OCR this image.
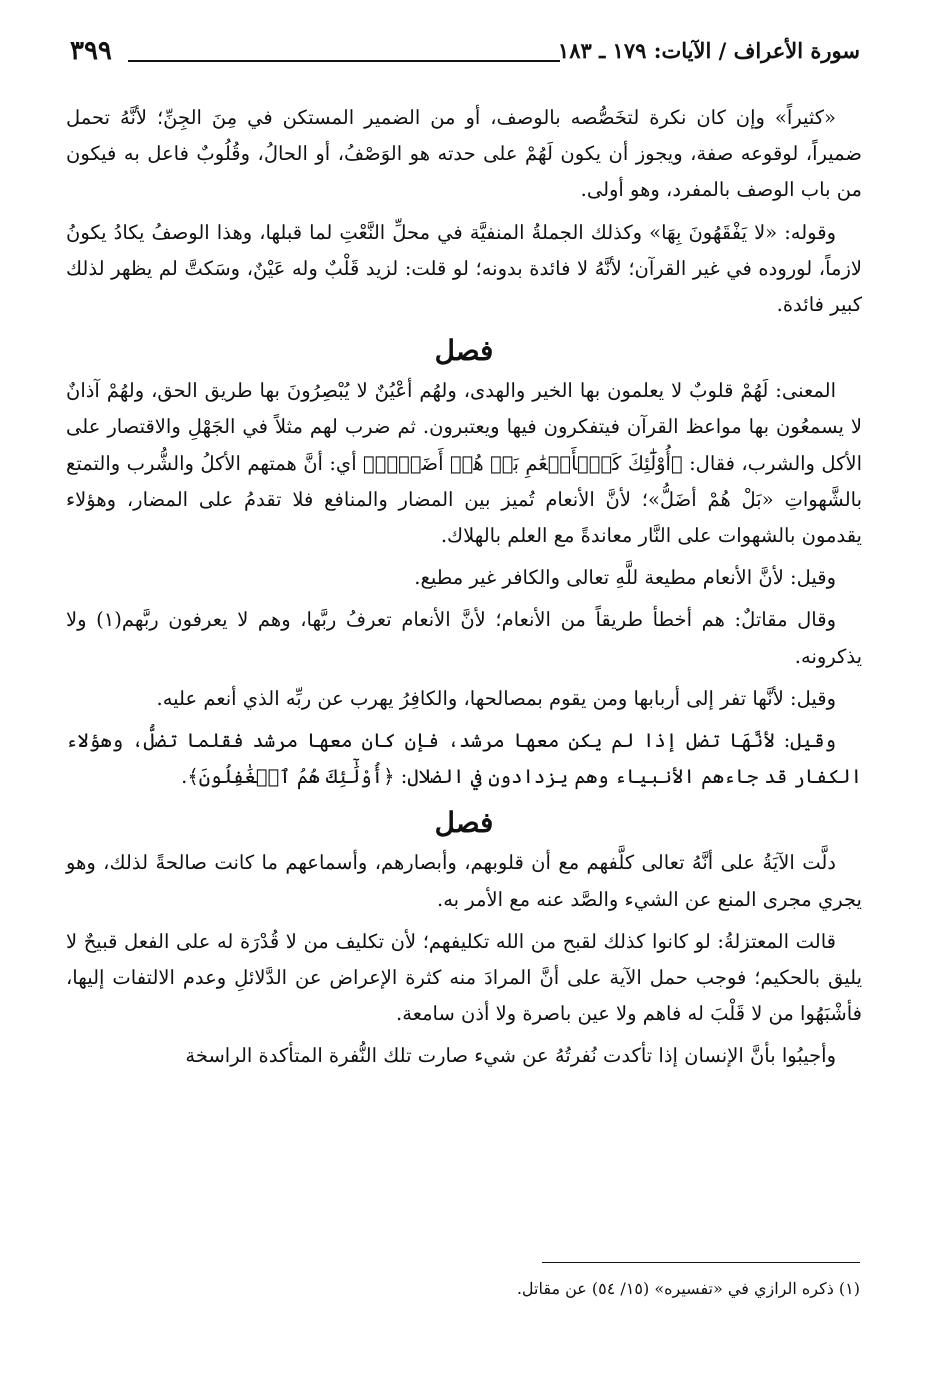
سورة الأعراف / الآيات: ١٧٩ ـ ١٨٣
٣٩٩

«كثيراً» وإن كان نكرة لتخَصُّصه بالوصف، أو من الضمير المستكن في مِنَ الجِنِّ؛ لأنَّهُ تحمل ضميراً، لوقوعه صفة، ويجوز أن يكون لَهُمْ على حدته هو الوَصْفُ، أو الحالُ، وقُلُوبٌ فاعل به فيكون من باب الوصف بالمفرد، وهو أولى.

وقوله: «لا يَفْقَهُونَ بِهَا» وكذلك الجملةُ المنفيَّة في محلِّ النَّعْتِ لما قبلها، وهذا الوصفُ يكادُ يكونُ لازماً، لوروده في غير القرآن؛ لأنَّهُ لا فائدة بدونه؛ لو قلت: لزيد قَلْبٌ وله عَيْنٌ، وسَكتَّ لم يظهر لذلك كبير فائدة.

فصل

المعنى: لَهُمْ قلوبٌ لا يعلمون بها الخير والهدى، ولهُم أعْيُنٌ لا يُبْصِرُونَ بها طريق الحق، ولهُمْ آذانٌ لا يسمعُون بها مواعظ القرآن فيتفكرون فيها ويعتبرون. ثم ضرب لهم مثلاً في الجَهْلِ والاقتصار على الأكل والشرب، فقال: ﴿أُوْلَٰٓئِكَ كَٱلۡأَنۡعَٰمِ بَلۡ هُمۡ أَضَلُّۚ﴾ أي: أنَّ همتهم الأكلُ والشُّرب والتمتع بالشَّهواتِ «بَلْ هُمْ أضَلُّ»؛ لأنَّ الأنعام تُميز بين المضار والمنافع فلا تقدمُ على المضار، وهؤلاء يقدمون بالشهوات على النَّار معاندةً مع العلم بالهلاك.

وقيل: لأنَّ الأنعام مطيعة للَّهِ تعالى والكافر غير مطيع.

وقال مقاتلٌ: هم أخطأ طريقاً من الأنعام؛ لأنَّ الأنعام تعرفُ ربَّها، وهم لا يعرفون ربَّهم(١) ولا يذكرونه.

وقيل: لأنَّها تفر إلى أربابها ومن يقوم بمصالحها، والكافِرُ يهرب عن ربِّه الذي أنعم عليه.

وقيل: لأنَّهَا تضل إذا لم يكن معها مرشد، فإن كان معها مرشد فقلما تضلُّ، وهؤلاء الكفار قد جاءهم الأنبياء وهم يزدادون في الضلال: ﴿أُوْلَٰٓئِكَ هُمُ ٱلۡغَٰفِلُونَ﴾.

فصل

دلَّت الآيَةُ على أنَّهُ تعالى كلَّفهم مع أن قلوبهم، وأبصارهم، وأسماعهم ما كانت صالحةً لذلك، وهو يجري مجرى المنع عن الشيء والصَّد عنه مع الأمر به.

قالت المعتزلةُ: لو كانوا كذلك لقبح من الله تكليفهم؛ لأن تكليف من لا قُدْرَة له على الفعل قبيحٌ لا يليق بالحكيم؛ فوجب حمل الآية على أنَّ المرادَ منه كثرة الإعراض عن الدَّلائلِ وعدم الالتفات إليها، فأشْبَهُوا من لا قَلْبَ له فاهم ولا عين باصرة ولا أذن سامعة.

وأجيبُوا بأنَّ الإنسان إذا تأكدت نُفرتُهُ عن شيء صارت تلك النُّفرة المتأكدة الراسخة

(١) ذكره الرازي في «تفسيره» (١٥/ ٥٤) عن مقاتل.
